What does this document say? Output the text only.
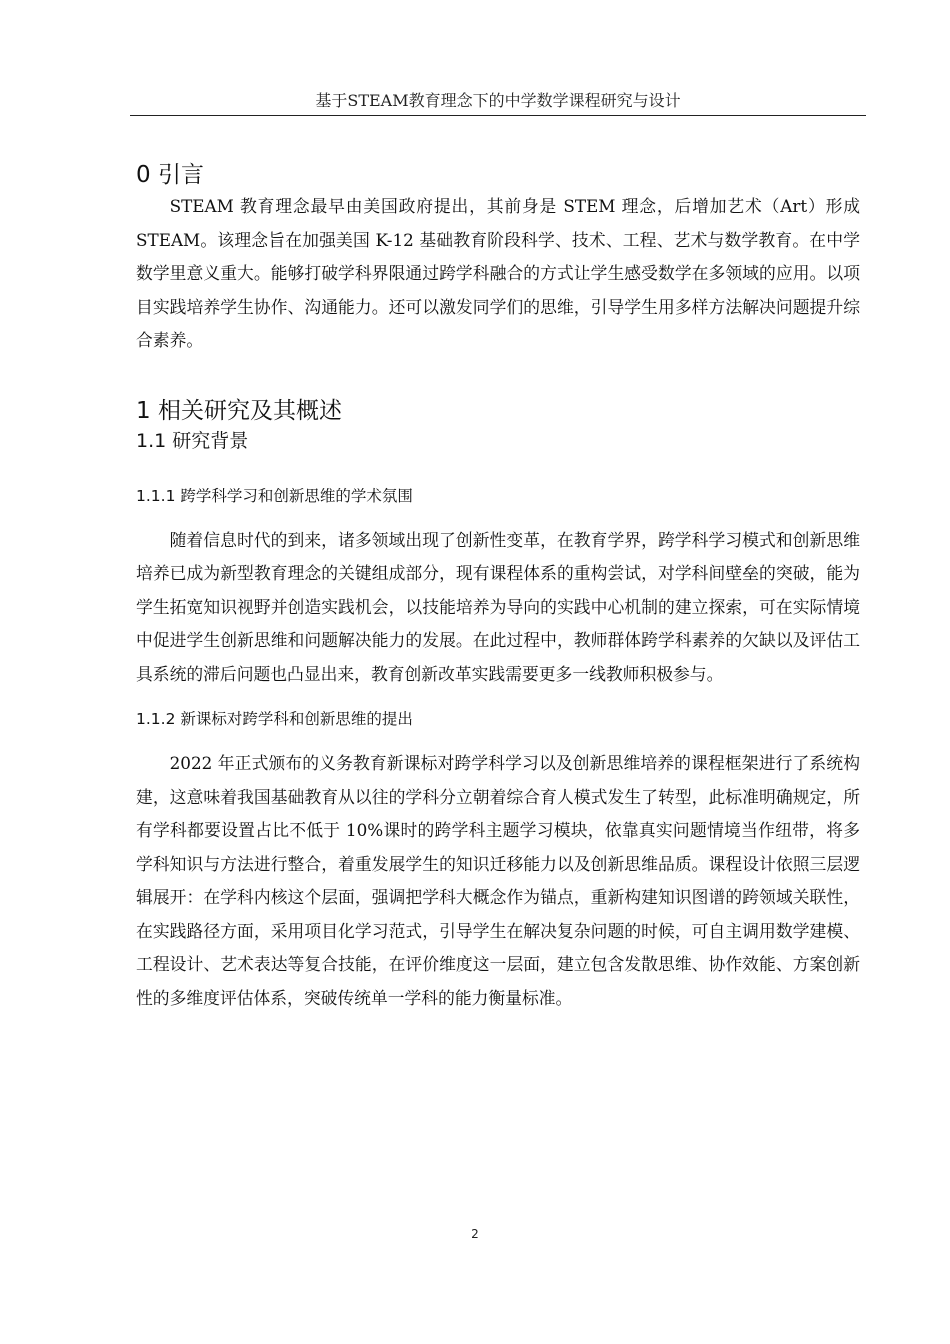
基于STEAM教育理念下的中学数学课程研究与设计
0 引言

STEAM 教育理念最早由美国政府提出，其前身是 STEM 理念，后增加艺术（Art）形成 STEAM。该理念旨在加强美国 K-12 基础教育阶段科学、技术、工程、艺术与数学教育。在中学数学里意义重大。能够打破学科界限通过跨学科融合的方式让学生感受数学在多领域的应用。以项目实践培养学生协作、沟通能力。还可以激发同学们的思维，引导学生用多样方法解决问题提升综合素养。

1 相关研究及其概述
1.1 研究背景
1.1.1 跨学科学习和创新思维的学术氛围

随着信息时代的到来，诸多领域出现了创新性变革，在教育学界，跨学科学习模式和创新思维培养已成为新型教育理念的关键组成部分，现有课程体系的重构尝试，对学科间壁垒的突破，能为学生拓宽知识视野并创造实践机会，以技能培养为导向的实践中心机制的建立探索，可在实际情境中促进学生创新思维和问题解决能力的发展。在此过程中，教师群体跨学科素养的欠缺以及评估工具系统的滞后问题也凸显出来，教育创新改革实践需要更多一线教师积极参与。

1.1.2 新课标对跨学科和创新思维的提出

2022 年正式颁布的义务教育新课标对跨学科学习以及创新思维培养的课程框架进行了系统构建，这意味着我国基础教育从以往的学科分立朝着综合育人模式发生了转型，此标准明确规定，所有学科都要设置占比不低于 10%课时的跨学科主题学习模块，依靠真实问题情境当作纽带，将多学科知识与方法进行整合，着重发展学生的知识迁移能力以及创新思维品质。课程设计依照三层逻辑展开：在学科内核这个层面，强调把学科大概念作为锚点，重新构建知识图谱的跨领域关联性，在实践路径方面，采用项目化学习范式，引导学生在解决复杂问题的时候，可自主调用数学建模、工程设计、艺术表达等复合技能，在评价维度这一层面，建立包含发散思维、协作效能、方案创新性的多维度评估体系，突破传统单一学科的能力衡量标准。

2
